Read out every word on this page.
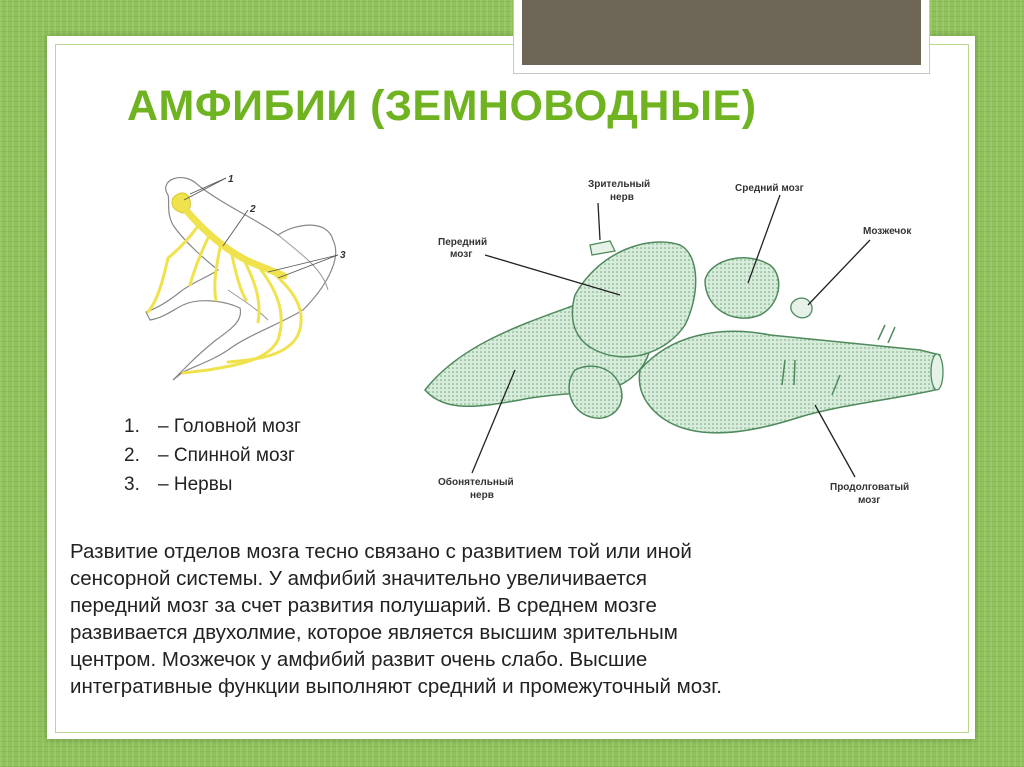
АМФИБИИ (ЗЕМНОВОДНЫЕ)
1
2
3
Зрительный
нерв
Средний мозг
Передний
мозг
Мозжечок
Обонятельный
нерв
Продолговатый
мозг
1. – Головной мозг
2. – Спинной мозг
3. – Нервы

Развитие отделов мозга тесно связано с развитием той или иной
сенсорной системы. У амфибий значительно увеличивается
передний мозг за счет развития полушарий. В среднем мозге
развивается двухолмие, которое является высшим зрительным
центром. Мозжечок у амфибий развит очень слабо. Высшие
интегративные функции выполняют средний и промежуточный мозг.
